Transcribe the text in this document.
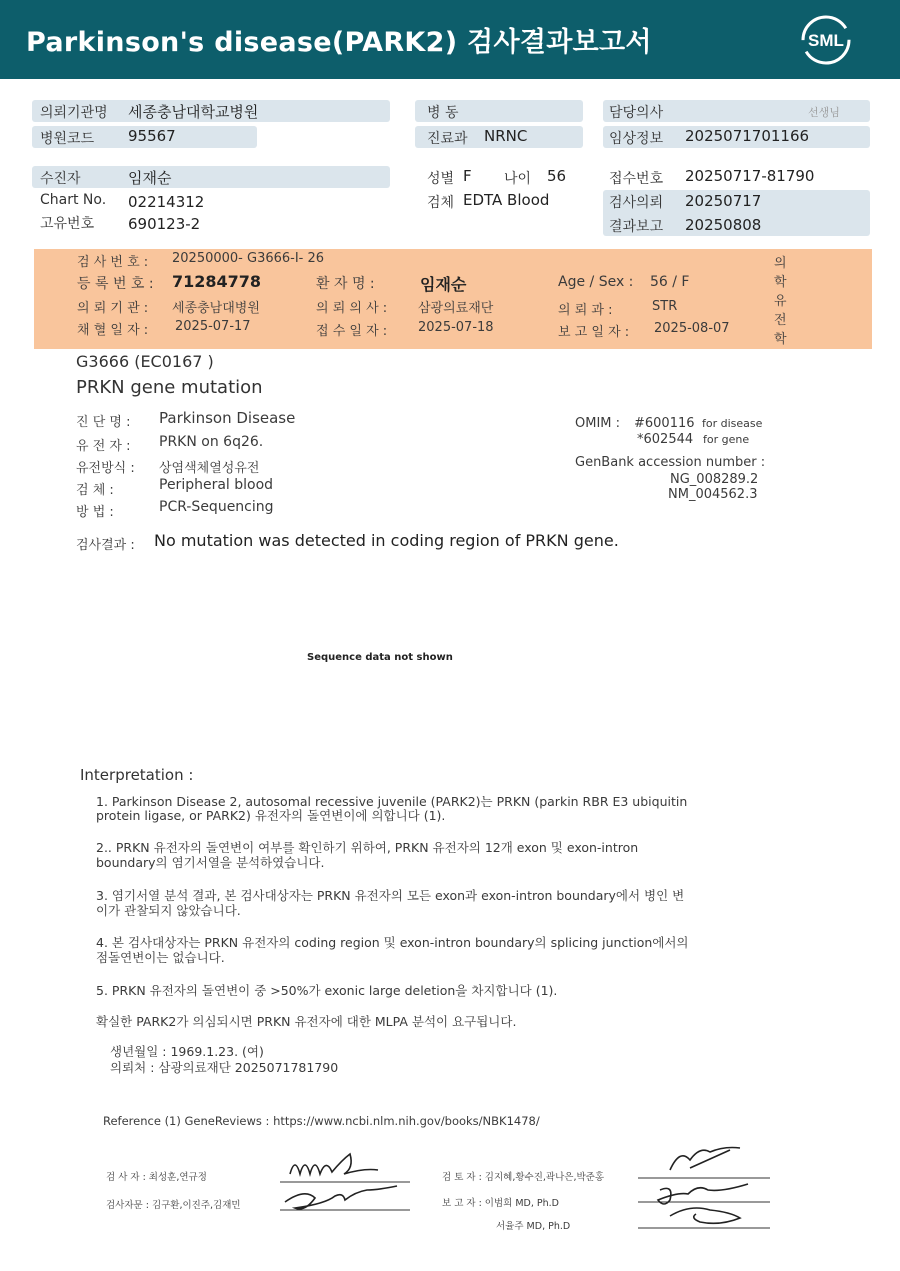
Parkinson's disease(PARK2) 검사결과보고서	SML
의뢰기관명 세종충남대학교병원	병 동	담당의사	선생님
병원코드 95567	진료과 NRNC	임상정보 2025071701166
수진자	임재순	성별 F 나이 56	접수번호 20250717-81790
Chart No. 02214312	검체 EDTA Blood	검사의뢰 20250717
고유번호 690123-2	결과보고 20250808
검 사 번 호 : 20250000- G3666-I- 26
등 록 번 호 : 71284778	환 자 명 :	임재순	Age / Sex : 56 / F
의 뢰 기 관 : 세종충남대병원	의 뢰 의 사 : 삼광의료재단	의 뢰 과 :	STR
채 혈 일 자 : 2025-07-17	접 수 일 자 : 2025-07-18	보 고 일 자 : 2025-08-07
의
학
유
전
학
G3666 (EC0167 )
PRKN gene mutation
진 단 명 : Parkinson Disease
유 전 자 : PRKN on 6q26.
유전방식 : 상염색체열성유전
검 체 :	Peripheral blood
방 법 :	PCR-Sequencing
OMIM : #600116 for disease
*602544 for gene
GenBank accession number :
NG_008289.2
NM_004562.3
검사결과 : No mutation was detected in coding region of PRKN gene.
Sequence data not shown
Interpretation :
1. Parkinson Disease 2, autosomal recessive juvenile (PARK2)는 PRKN (parkin RBR E3 ubiquitin
protein ligase, or PARK2) 유전자의 돌연변이에 의합니다 (1).
2.. PRKN 유전자의 돌연변이 여부를 확인하기 위하여, PRKN 유전자의 12개 exon 및 exon-intron
boundary의 염기서열을 분석하였습니다.
3. 염기서열 분석 결과, 본 검사대상자는 PRKN 유전자의 모든 exon과 exon-intron boundary에서 병인 변
이가 관찰되지 않았습니다.
4. 본 검사대상자는 PRKN 유전자의 coding region 및 exon-intron boundary의 splicing junction에서의
점돌연변이는 없습니다.
5. PRKN 유전자의 돌연변이 중 >50%가 exonic large deletion을 차지합니다 (1).
확실한 PARK2가 의심되시면 PRKN 유전자에 대한 MLPA 분석이 요구됩니다.
생년월일 : 1969.1.23. (여)
의뢰처 : 삼광의료재단 2025071781790
Reference (1) GeneReviews : https://www.ncbi.nlm.nih.gov/books/NBK1478/
검 사 자 : 최성훈,연규정
검사자문 : 김구환,이진주,김재민
검 토 자 : 김지혜,황수진,곽나은,박준홍
보 고 자 : 이범희 MD, Ph.D
서율주 MD, Ph.D
